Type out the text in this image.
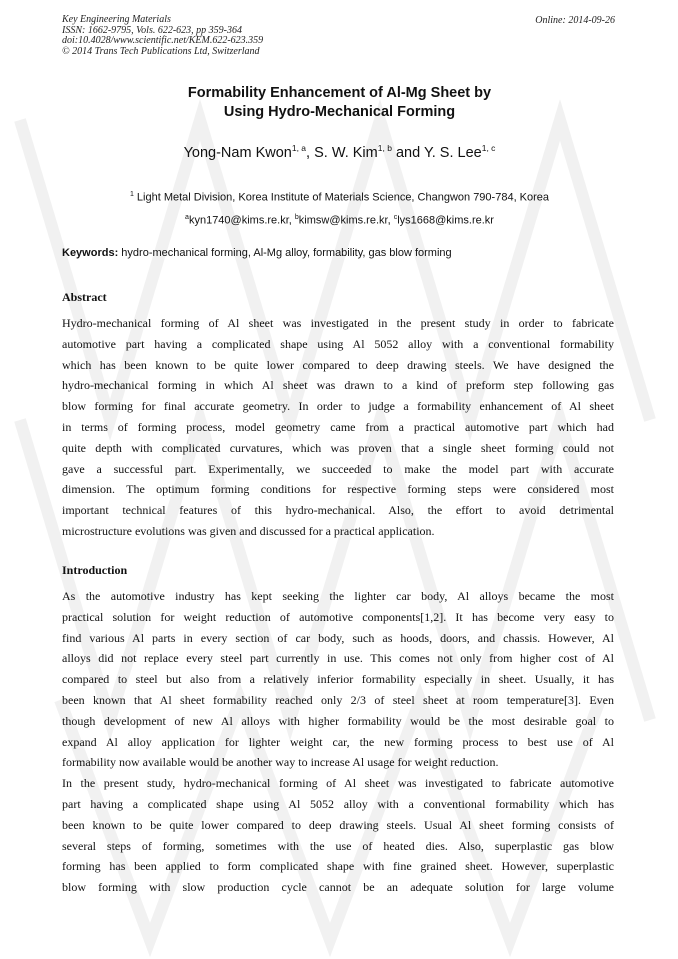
Key Engineering Materials
ISSN: 1662-9795, Vols. 622-623, pp 359-364
doi:10.4028/www.scientific.net/KEM.622-623.359
© 2014 Trans Tech Publications Ltd, Switzerland
Online: 2014-09-26
Formability Enhancement of Al-Mg Sheet by
Using Hydro-Mechanical Forming
Yong-Nam Kwon$^{1, a}$, S. W. Kim$^{1, b}$ and Y. S. Lee$^{1, c}$
$^1$ Light Metal Division, Korea Institute of Materials Science, Changwon 790-784, Korea
$^a$kyn1740@kims.re.kr, $^b$kimsw@kims.re.kr, $^c$lys1668@kims.re.kr
Keywords: hydro-mechanical forming, Al-Mg alloy, formability, gas blow forming
Abstract
Hydro-mechanical forming of Al sheet was investigated in the present study in order to fabricate
automotive part having a complicated shape using Al 5052 alloy with a conventional formability
which has been known to be quite lower compared to deep drawing steels. We have designed the
hydro-mechanical forming in which Al sheet was drawn to a kind of preform step following gas
blow forming for final accurate geometry. In order to judge a formability enhancement of Al sheet
in terms of forming process, model geometry came from a practical automotive part which had
quite depth with complicated curvatures, which was proven that a single sheet forming could not
gave a successful part. Experimentally, we succeeded to make the model part with accurate
dimension. The optimum forming conditions for respective forming steps were considered most
important technical features of this hydro-mechanical. Also, the effort to avoid detrimental
microstructure evolutions was given and discussed for a practical application.
Introduction
As the automotive industry has kept seeking the lighter car body, Al alloys became the most
practical solution for weight reduction of automotive components[1,2]. It has become very easy to
find various Al parts in every section of car body, such as hoods, doors, and chassis. However, Al
alloys did not replace every steel part currently in use. This comes not only from higher cost of Al
compared to steel but also from a relatively inferior formability especially in sheet. Usually, it has
been known that Al sheet formability reached only 2/3 of steel sheet at room temperature[3]. Even
though development of new Al alloys with higher formability would be the most desirable goal to
expand Al alloy application for lighter weight car, the new forming process to best use of Al
formability now available would be another way to increase Al usage for weight reduction.
In the present study, hydro-mechanical forming of Al sheet was investigated to fabricate automotive
part having a complicated shape using Al 5052 alloy with a conventional formability which has
been known to be quite lower compared to deep drawing steels. Usual Al sheet forming consists of
several steps of forming, sometimes with the use of heated dies. Also, superplastic gas blow
forming has been applied to form complicated shape with fine grained sheet. However, superplastic
blow forming with slow production cycle cannot be an adequate solution for large volume
